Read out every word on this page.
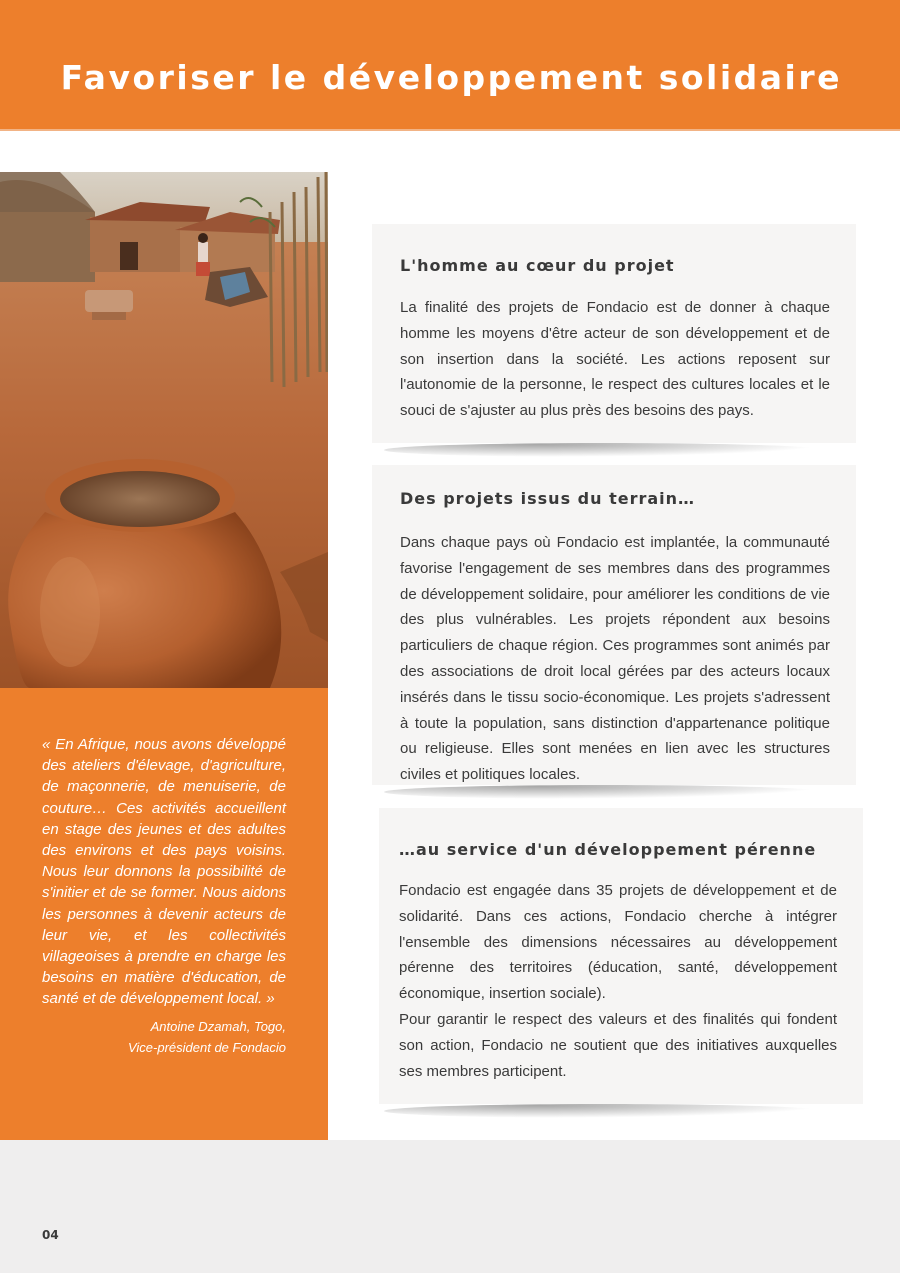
Favoriser le développement solidaire

« En Afrique, nous avons développé des ateliers d'élevage, d'agriculture, de maçonnerie, de menuiserie, de couture… Ces activités accueillent en stage des jeunes et des adultes des environs et des pays voisins. Nous leur donnons la possibilité de s'initier et de se former. Nous aidons les personnes à devenir acteurs de leur vie, et les collectivités villageoises à prendre en charge les besoins en matière d'éducation, de santé et de développement local. »

Antoine Dzamah, Togo,
Vice-président de Fondacio
L'homme au cœur du projet

La finalité des projets de Fondacio est de donner à chaque homme les moyens d'être acteur de son développement et de son insertion dans la société. Les actions reposent sur l'autonomie de la personne, le respect des cultures locales et le souci de s'ajuster au plus près des besoins des pays.

Des projets issus du terrain…

Dans chaque pays où Fondacio est implantée, la communauté favorise l'engagement de ses membres dans des programmes de développement solidaire, pour améliorer les conditions de vie des plus vulnérables. Les projets répondent aux besoins particuliers de chaque région. Ces programmes sont animés par des associations de droit local gérées par des acteurs locaux insérés dans le tissu socio-économique. Les projets s'adressent à toute la population, sans distinction d'appartenance politique ou religieuse. Elles sont menées en lien avec les structures civiles et politiques locales.

…au service d'un développement pérenne

Fondacio est engagée dans 35 projets de développement et de solidarité. Dans ces actions, Fondacio cherche à intégrer l'ensemble des dimensions nécessaires au développement pérenne des territoires (éducation, santé, développement économique, insertion sociale).

Pour garantir le respect des valeurs et des finalités qui fondent son action, Fondacio ne soutient que des initiatives auxquelles ses membres participent.

04
